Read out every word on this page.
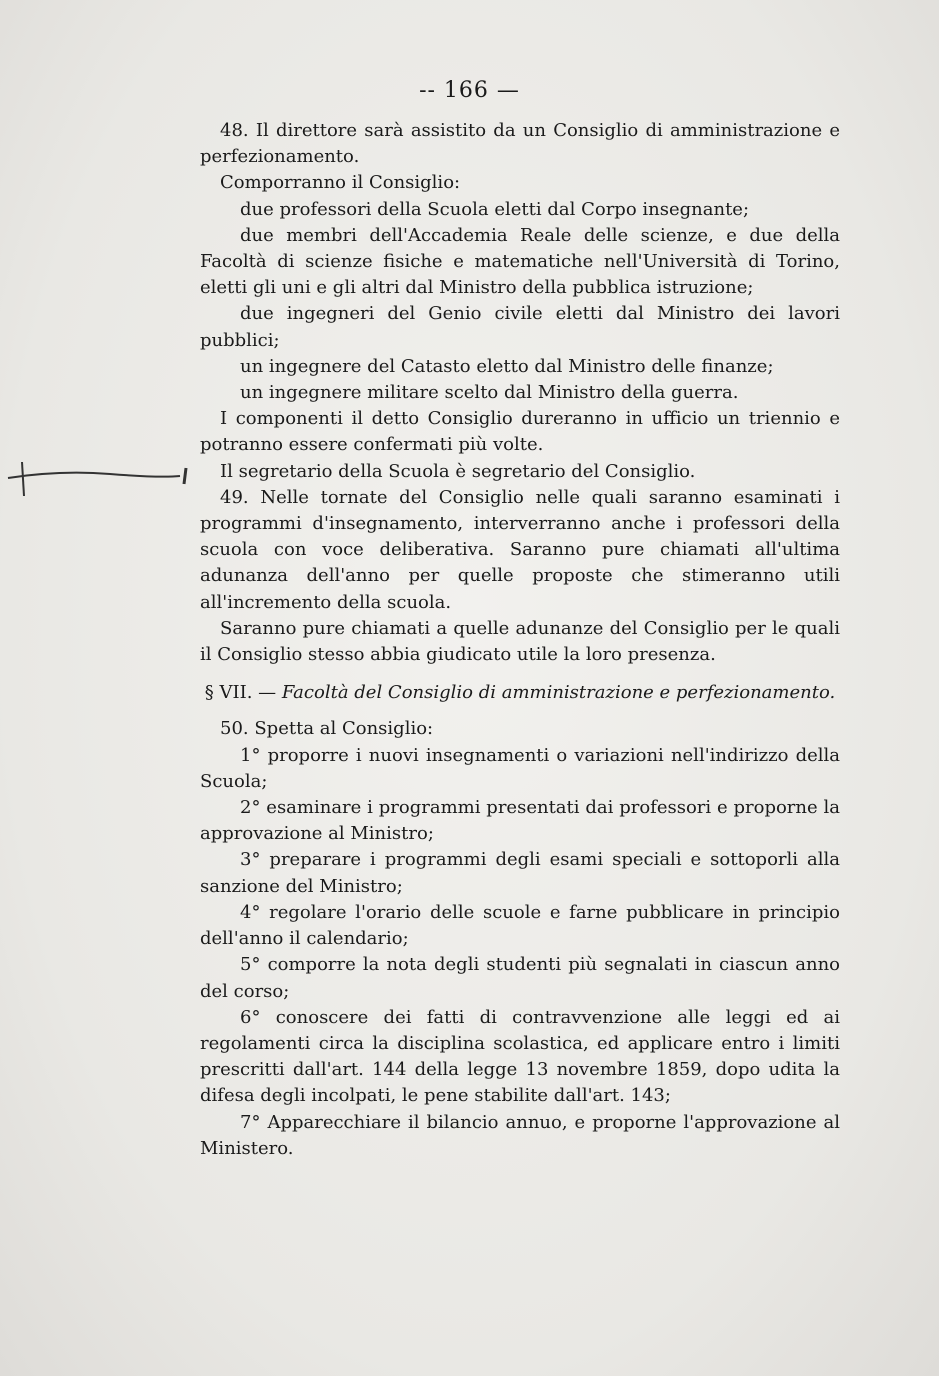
-- 166 —

48. Il direttore sarà assistito da un Consiglio di amministrazione e perfezionamento.

Comporranno il Consiglio:

due professori della Scuola eletti dal Corpo insegnante;

due membri dell'Accademia Reale delle scienze, e due della Facoltà di scienze fisiche e matematiche nell'Università di Torino, eletti gli uni e gli altri dal Ministro della pubblica istruzione;

due ingegneri del Genio civile eletti dal Ministro dei lavori pubblici;

un ingegnere del Catasto eletto dal Ministro delle finanze;

un ingegnere militare scelto dal Ministro della guerra.

I componenti il detto Consiglio dureranno in ufficio un triennio e potranno essere confermati più volte.

Il segretario della Scuola è segretario del Consiglio.

49. Nelle tornate del Consiglio nelle quali saranno esaminati i programmi d'insegnamento, interverranno anche i professori della scuola con voce deliberativa. Saranno pure chiamati all'ultima adunanza dell'anno per quelle proposte che stimeranno utili all'incremento della scuola.

Saranno pure chiamati a quelle adunanze del Consiglio per le quali il Consiglio stesso abbia giudicato utile la loro presenza.

§ VII. — Facoltà del Consiglio di amministrazione e perfezionamento.

50. Spetta al Consiglio:

1° proporre i nuovi insegnamenti o variazioni nell'indirizzo della Scuola;

2° esaminare i programmi presentati dai professori e proporne la approvazione al Ministro;

3° preparare i programmi degli esami speciali e sottoporli alla sanzione del Ministro;

4° regolare l'orario delle scuole e farne pubblicare in principio dell'anno il calendario;

5° comporre la nota degli studenti più segnalati in ciascun anno del corso;

6° conoscere dei fatti di contravvenzione alle leggi ed ai regolamenti circa la disciplina scolastica, ed applicare entro i limiti prescritti dall'art. 144 della legge 13 novembre 1859, dopo udita la difesa degli incolpati, le pene stabilite dall'art. 143;

7° Apparecchiare il bilancio annuo, e proporne l'approvazione al Ministero.
